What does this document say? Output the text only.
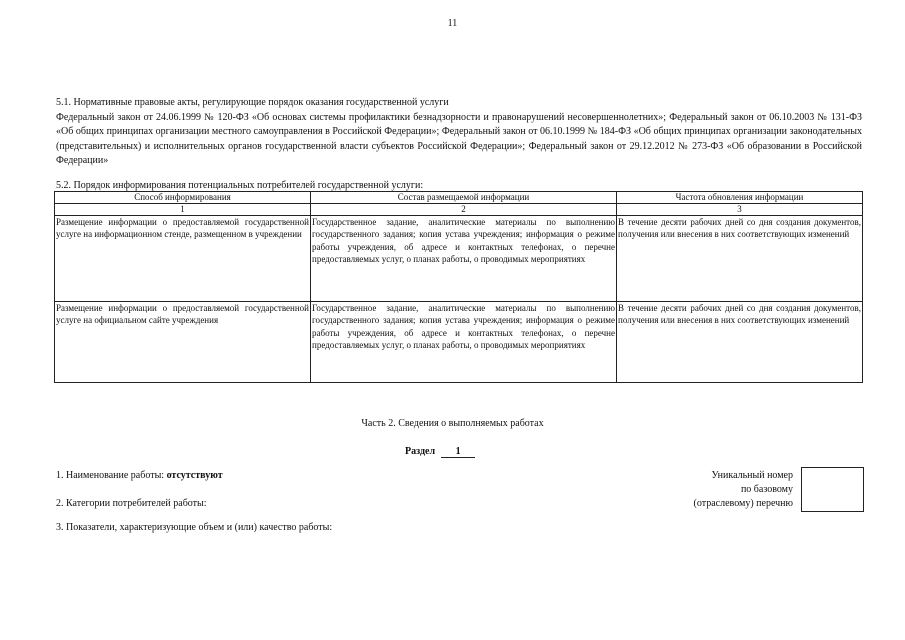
11
5.1. Нормативные правовые акты, регулирующие порядок оказания государственной услуги
Федеральный закон от 24.06.1999 № 120-ФЗ «Об основах системы профилактики безнадзорности и правонарушений несовершеннолетних»; Федеральный закон от 06.10.2003 № 131-ФЗ «Об общих принципах организации местного самоуправления в Российской Федерации»; Федеральный закон от 06.10.1999 № 184-ФЗ «Об общих принципах организации законодательных (представительных) и исполнительных органов государственной власти субъектов Российской Федерации»; Федеральный закон от 29.12.2012 № 273-ФЗ «Об образовании в Российской Федерации»
5.2. Порядок информирования потенциальных потребителей государственной услуги:
Способ информирования	Состав размещаемой информации	Частота обновления информации
1	2	3
Размещение информации о предоставляемой государственной услуге на информационном стенде, размещенном в учреждении	Государственное задание, аналитические материалы по выполнению государственного задания; копия устава учреждения; информация о режиме работы учреждения, об адресе и контактных телефонах, о перечне предоставляемых услуг, о планах работы, о проводимых мероприятиях	В течение десяти рабочих дней со дня создания документов, получения или внесения в них соответствующих изменений
Размещение информации о предоставляемой государственной услуге на официальном сайте учреждения	Государственное задание, аналитические материалы по выполнению государственного задания; копия устава учреждения; информация о режиме работы учреждения, об адресе и контактных телефонах, о перечне предоставляемых услуг, о планах работы, о проводимых мероприятиях	В течение десяти рабочих дней со дня создания документов, получения или внесения в них соответствующих изменений
Часть 2. Сведения о выполняемых работах
Раздел 1
1. Наименование работы: отсутствуют
2. Категории потребителей работы:
3. Показатели, характеризующие объем и (или) качество работы:
Уникальный номер
по базовому
(отраслевому) перечню
